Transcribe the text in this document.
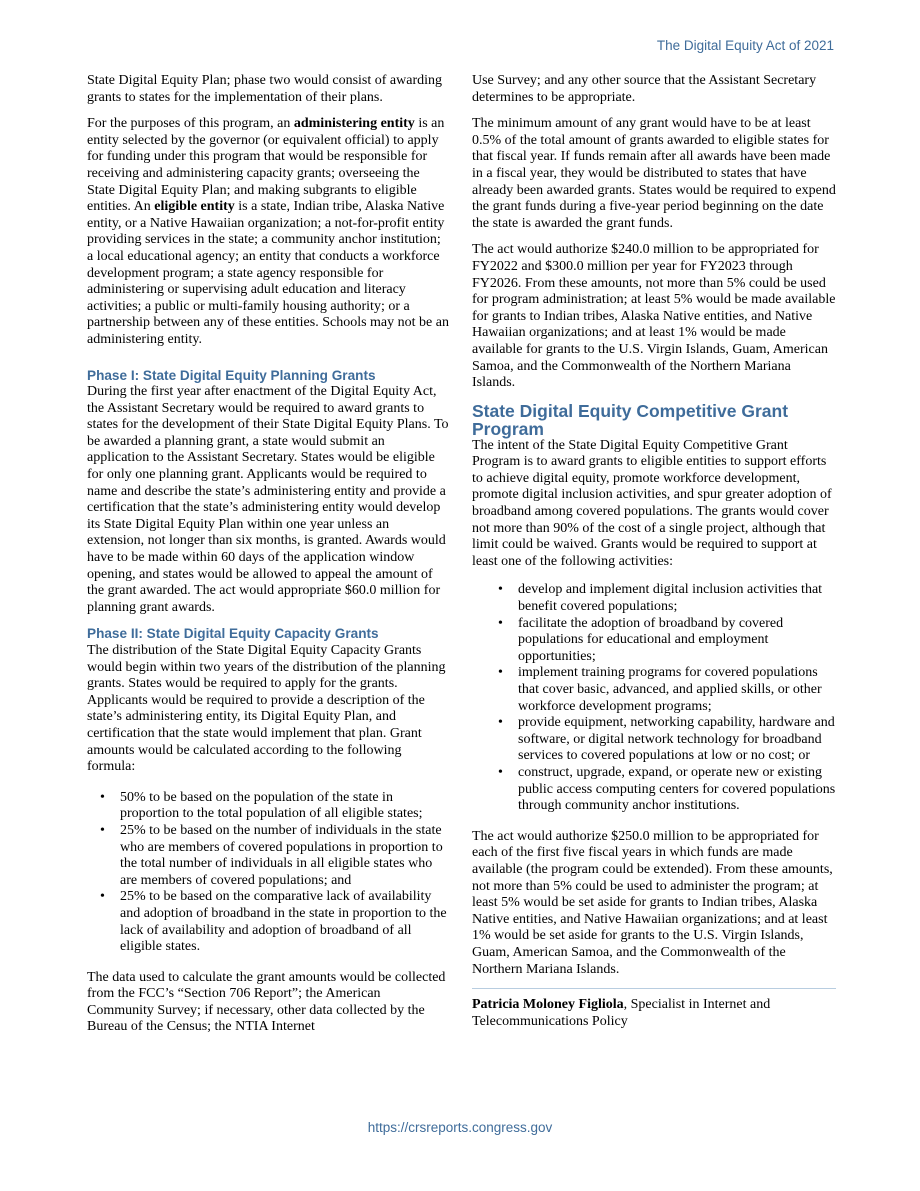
The Digital Equity Act of 2021

State Digital Equity Plan; phase two would consist of awarding grants to states for the implementation of their plans.

For the purposes of this program, an administering entity is an entity selected by the governor (or equivalent official) to apply for funding under this program that would be responsible for receiving and administering capacity grants; overseeing the State Digital Equity Plan; and making subgrants to eligible entities. An eligible entity is a state, Indian tribe, Alaska Native entity, or a Native Hawaiian organization; a not-for-profit entity providing services in the state; a community anchor institution; a local educational agency; an entity that conducts a workforce development program; a state agency responsible for administering or supervising adult education and literacy activities; a public or multi-family housing authority; or a partnership between any of these entities. Schools may not be an administering entity.

Phase I: State Digital Equity Planning Grants

During the first year after enactment of the Digital Equity Act, the Assistant Secretary would be required to award grants to states for the development of their State Digital Equity Plans. To be awarded a planning grant, a state would submit an application to the Assistant Secretary. States would be eligible for only one planning grant. Applicants would be required to name and describe the state’s administering entity and provide a certification that the state’s administering entity would develop its State Digital Equity Plan within one year unless an extension, not longer than six months, is granted. Awards would have to be made within 60 days of the application window opening, and states would be allowed to appeal the amount of the grant awarded. The act would appropriate $60.0 million for planning grant awards.

Phase II: State Digital Equity Capacity Grants

The distribution of the State Digital Equity Capacity Grants would begin within two years of the distribution of the planning grants. States would be required to apply for the grants. Applicants would be required to provide a description of the state’s administering entity, its Digital Equity Plan, and certification that the state would implement that plan. Grant amounts would be calculated according to the following formula:

• 50% to be based on the population of the state in proportion to the total population of all eligible states;
• 25% to be based on the number of individuals in the state who are members of covered populations in proportion to the total number of individuals in all eligible states who are members of covered populations; and
• 25% to be based on the comparative lack of availability and adoption of broadband in the state in proportion to the lack of availability and adoption of broadband of all eligible states.

The data used to calculate the grant amounts would be collected from the FCC’s “Section 706 Report”; the American Community Survey; if necessary, other data collected by the Bureau of the Census; the NTIA Internet

Use Survey; and any other source that the Assistant Secretary determines to be appropriate.

The minimum amount of any grant would have to be at least 0.5% of the total amount of grants awarded to eligible states for that fiscal year. If funds remain after all awards have been made in a fiscal year, they would be distributed to states that have already been awarded grants. States would be required to expend the grant funds during a five-year period beginning on the date the state is awarded the grant funds.

The act would authorize $240.0 million to be appropriated for FY2022 and $300.0 million per year for FY2023 through FY2026. From these amounts, not more than 5% could be used for program administration; at least 5% would be made available for grants to Indian tribes, Alaska Native entities, and Native Hawaiian organizations; and at least 1% would be made available for grants to the U.S. Virgin Islands, Guam, American Samoa, and the Commonwealth of the Northern Mariana Islands.

State Digital Equity Competitive Grant Program

The intent of the State Digital Equity Competitive Grant Program is to award grants to eligible entities to support efforts to achieve digital equity, promote workforce development, promote digital inclusion activities, and spur greater adoption of broadband among covered populations. The grants would cover not more than 90% of the cost of a single project, although that limit could be waived. Grants would be required to support at least one of the following activities:

• develop and implement digital inclusion activities that benefit covered populations;
• facilitate the adoption of broadband by covered populations for educational and employment opportunities;
• implement training programs for covered populations that cover basic, advanced, and applied skills, or other workforce development programs;
• provide equipment, networking capability, hardware and software, or digital network technology for broadband services to covered populations at low or no cost; or
• construct, upgrade, expand, or operate new or existing public access computing centers for covered populations through community anchor institutions.

The act would authorize $250.0 million to be appropriated for each of the first five fiscal years in which funds are made available (the program could be extended). From these amounts, not more than 5% could be used to administer the program; at least 5% would be set aside for grants to Indian tribes, Alaska Native entities, and Native Hawaiian organizations; and at least 1% would be set aside for grants to the U.S. Virgin Islands, Guam, American Samoa, and the Commonwealth of the Northern Mariana Islands.

Patricia Moloney Figliola, Specialist in Internet and Telecommunications Policy

https://crsreports.congress.gov
